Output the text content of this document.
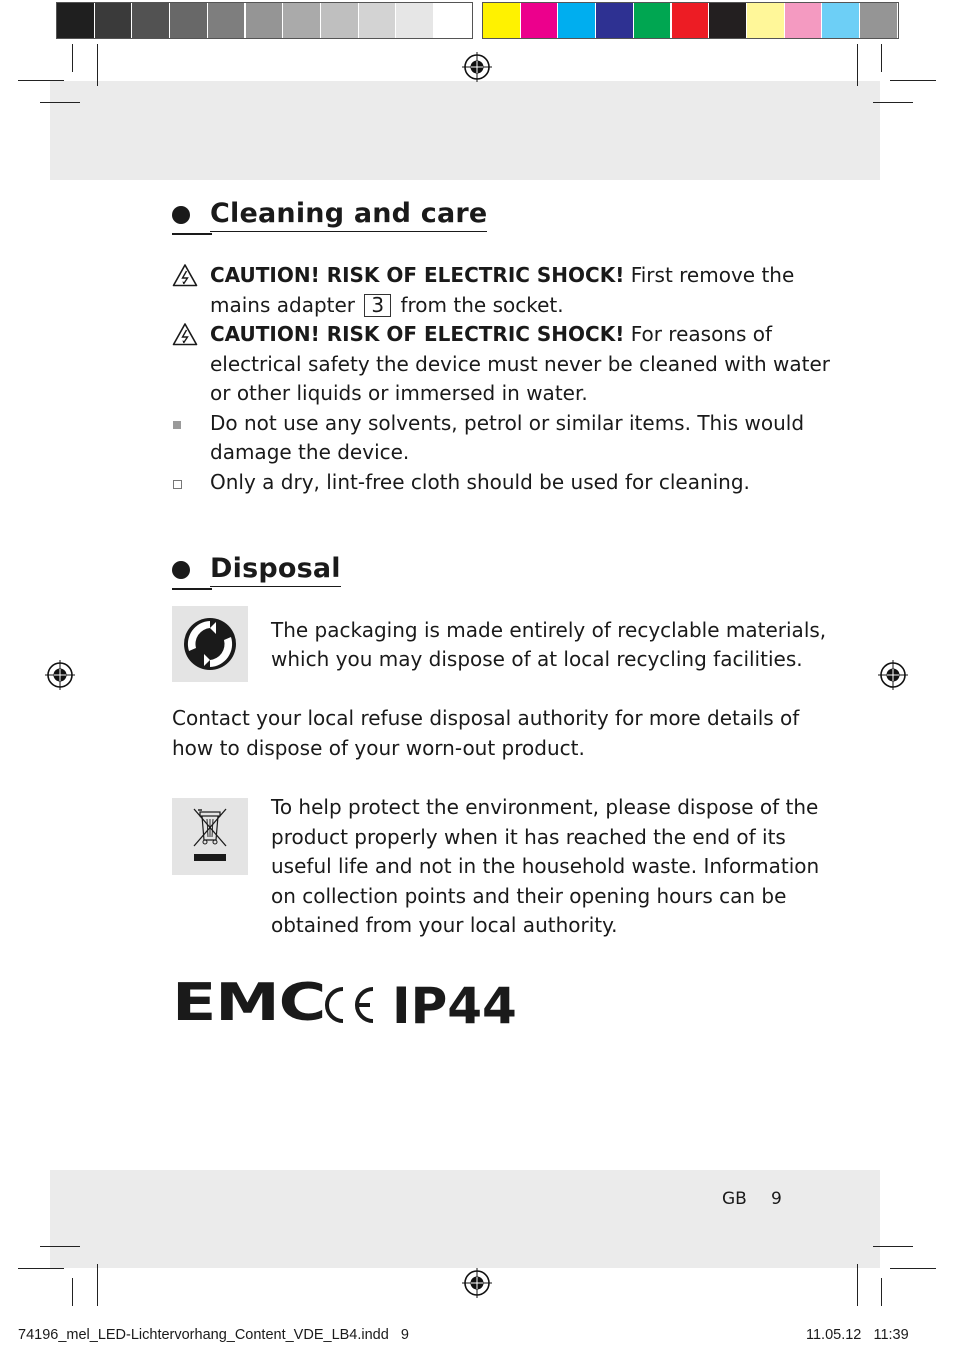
Cleaning and care
CAUTION! RISK OF ELECTRIC SHOCK! First remove the
mains adapter 3 from the socket.
CAUTION! RISK OF ELECTRIC SHOCK! For reasons of
electrical safety the device must never be cleaned with water
or other liquids or immersed in water.
Do not use any solvents, petrol or similar items. This would
damage the device.
Only a dry, lint-free cloth should be used for cleaning.
Disposal
The packaging is made entirely of recyclable materials,
which you may dispose of at local recycling facilities.
Contact your local refuse disposal authority for more details of
how to dispose of your worn-out product.
To help protect the environment, please dispose of the
product properly when it has reached the end of its
useful life and not in the household waste. Information
on collection points and their opening hours can be
obtained from your local authority.
EMC IP44
GB 9
74196_mel_LED-Lichtervorhang_Content_VDE_LB4.indd   9	11.05.12   11:39
